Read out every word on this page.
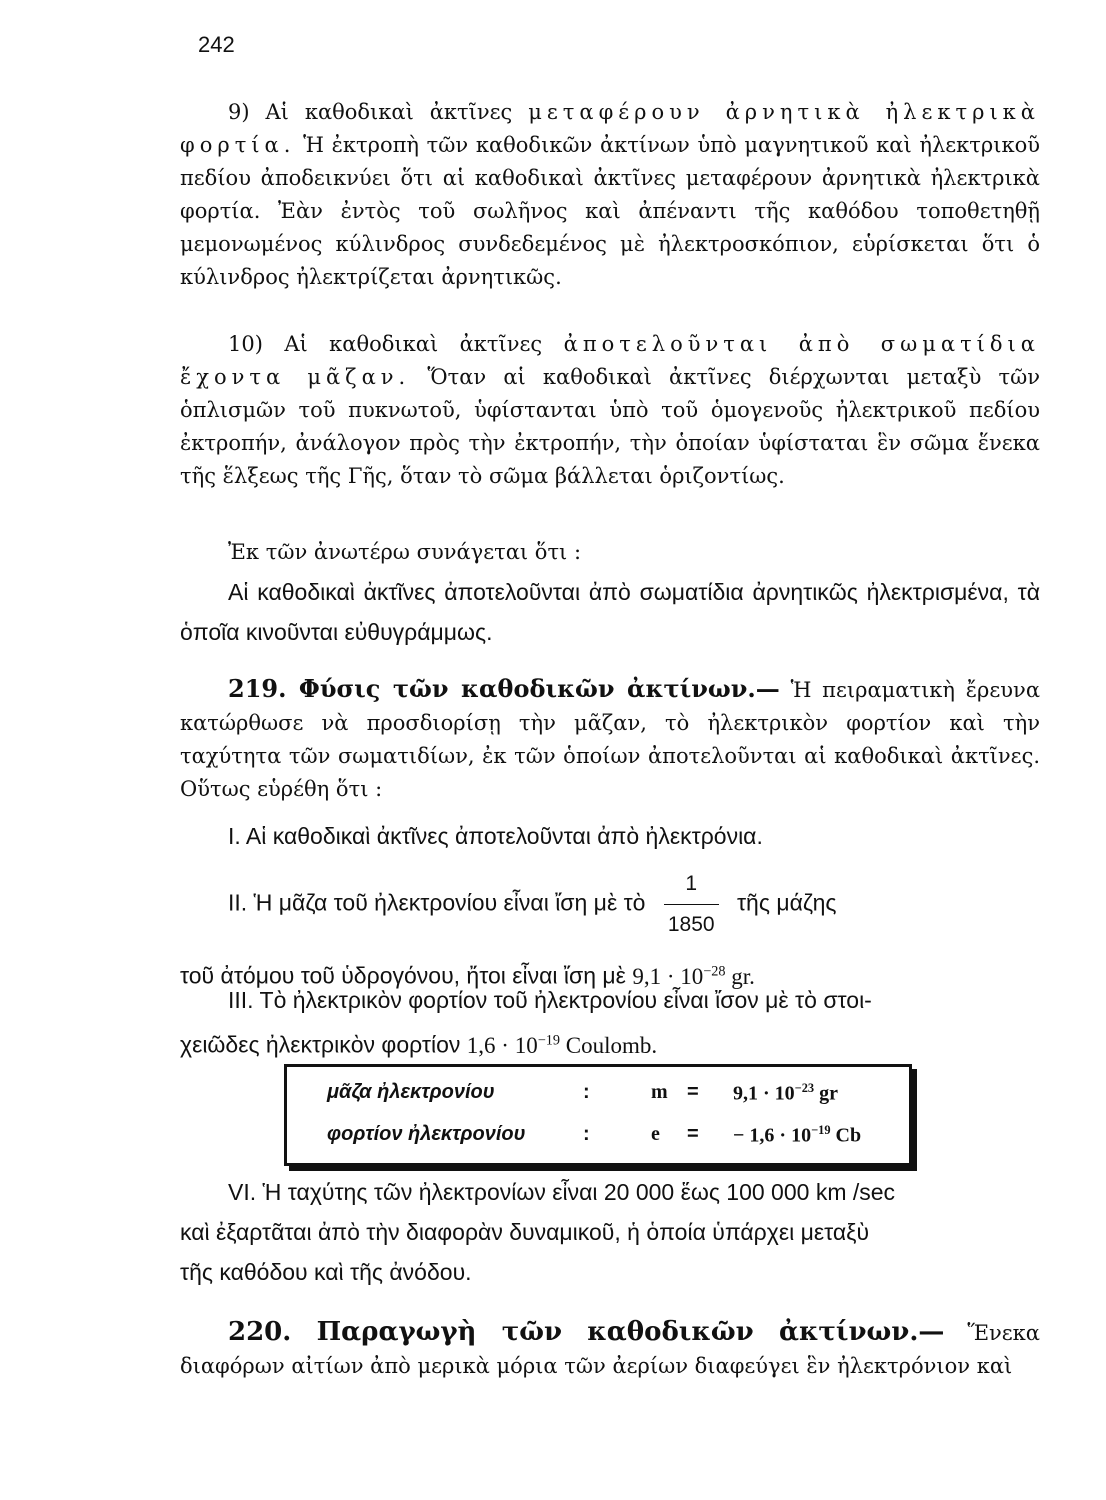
242

9) Αἱ καθοδικαὶ ἀκτῖνες μεταφέρουν ἀρνητικὰ ἠλεκτρικὰ φορτία. Ἡ ἐκτροπὴ τῶν καθοδικῶν ἀκτίνων ὑπὸ μαγνητικοῦ καὶ ἠλεκτρικοῦ πεδίου ἀποδεικνύει ὅτι αἱ καθοδικαὶ ἀκτῖνες μεταφέρουν ἀρνητικὰ ἠλεκτρικὰ φορτία. Ἐὰν ἐντὸς τοῦ σωλῆνος καὶ ἀπέναντι τῆς καθόδου τοποθετηθῇ μεμονωμένος κύλινδρος συνδεδεμένος μὲ ἠλεκτροσκόπιον, εὑρίσκεται ὅτι ὁ κύλινδρος ἠλεκτρίζεται ἀρνητικῶς.

10) Αἱ καθοδικαὶ ἀκτῖνες ἀποτελοῦνται ἀπὸ σωματίδια ἔχοντα μᾶζαν. Ὅταν αἱ καθοδικαὶ ἀκτῖνες διέρχωνται μεταξὺ τῶν ὁπλισμῶν τοῦ πυκνωτοῦ, ὑφίστανται ὑπὸ τοῦ ὁμογενοῦς ἠλεκτρικοῦ πεδίου ἐκτροπήν, ἀνάλογον πρὸς τὴν ἐκτροπήν, τὴν ὁποίαν ὑφίσταται ἓν σῶμα ἕνεκα τῆς ἕλξεως τῆς Γῆς, ὅταν τὸ σῶμα βάλλεται ὁριζοντίως.

Ἐκ τῶν ἀνωτέρω συνάγεται ὅτι :

Αἱ καθοδικαὶ ἀκτῖνες ἀποτελοῦνται ἀπὸ σωματίδια ἀρνητικῶς ἠλεκτρισμένα, τὰ ὁποῖα κινοῦνται εὐθυγράμμως.

219. Φύσις τῶν καθοδικῶν ἀκτίνων.— Ἡ πειραματικὴ ἔρευνα κατώρθωσε νὰ προσδιορίσῃ τὴν μᾶζαν, τὸ ἠλεκτρικὸν φορτίον καὶ τὴν ταχύτητα τῶν σωματιδίων, ἐκ τῶν ὁποίων ἀποτελοῦνται αἱ καθοδικαὶ ἀκτῖνες. Οὕτως εὑρέθη ὅτι :

Ι. Αἱ καθοδικαὶ ἀκτῖνες ἀποτελοῦνται ἀπὸ ἠλεκτρόνια.

ΙΙ. Ἡ μᾶζα τοῦ ἠλεκτρονίου εἶναι ἴση μὲ τὸ $\frac{1}{1850}$ τῆς μάζης

τοῦ ἀτόμου τοῦ ὑδρογόνου, ἤτοι εἶναι ἴση μὲ $9,1 \cdot 10^{-28}$ gr.

ΙΙΙ. Τὸ ἠλεκτρικὸν φορτίον τοῦ ἠλεκτρονίου εἶναι ἴσον μὲ τὸ στοι-

χειῶδες ἠλεκτρικὸν φορτίον $1,6 \cdot 10^{-19}$ Coulomb.

μᾶζα ἠλεκτρονίου	:	$m = 9,1 \cdot 10^{-23}$ gr
φορτίον ἠλεκτρονίου	:	e = − $1,6 \cdot 10^{-19}$ Cb

VI. Ἡ ταχύτης τῶν ἠλεκτρονίων εἶναι 20 000 ἕως 100 000 km /sec

καὶ ἐξαρτᾶται ἀπὸ τὴν διαφορὰν δυναμικοῦ, ἡ ὁποία ὑπάρχει μεταξὺ

τῆς καθόδου καὶ τῆς ἀνόδου.

220. Παραγωγὴ τῶν καθοδικῶν ἀκτίνων.— Ἕνεκα διαφόρων αἰτίων ἀπὸ μερικὰ μόρια τῶν ἀερίων διαφεύγει ἓν ἠλεκτρόνιον καὶ
